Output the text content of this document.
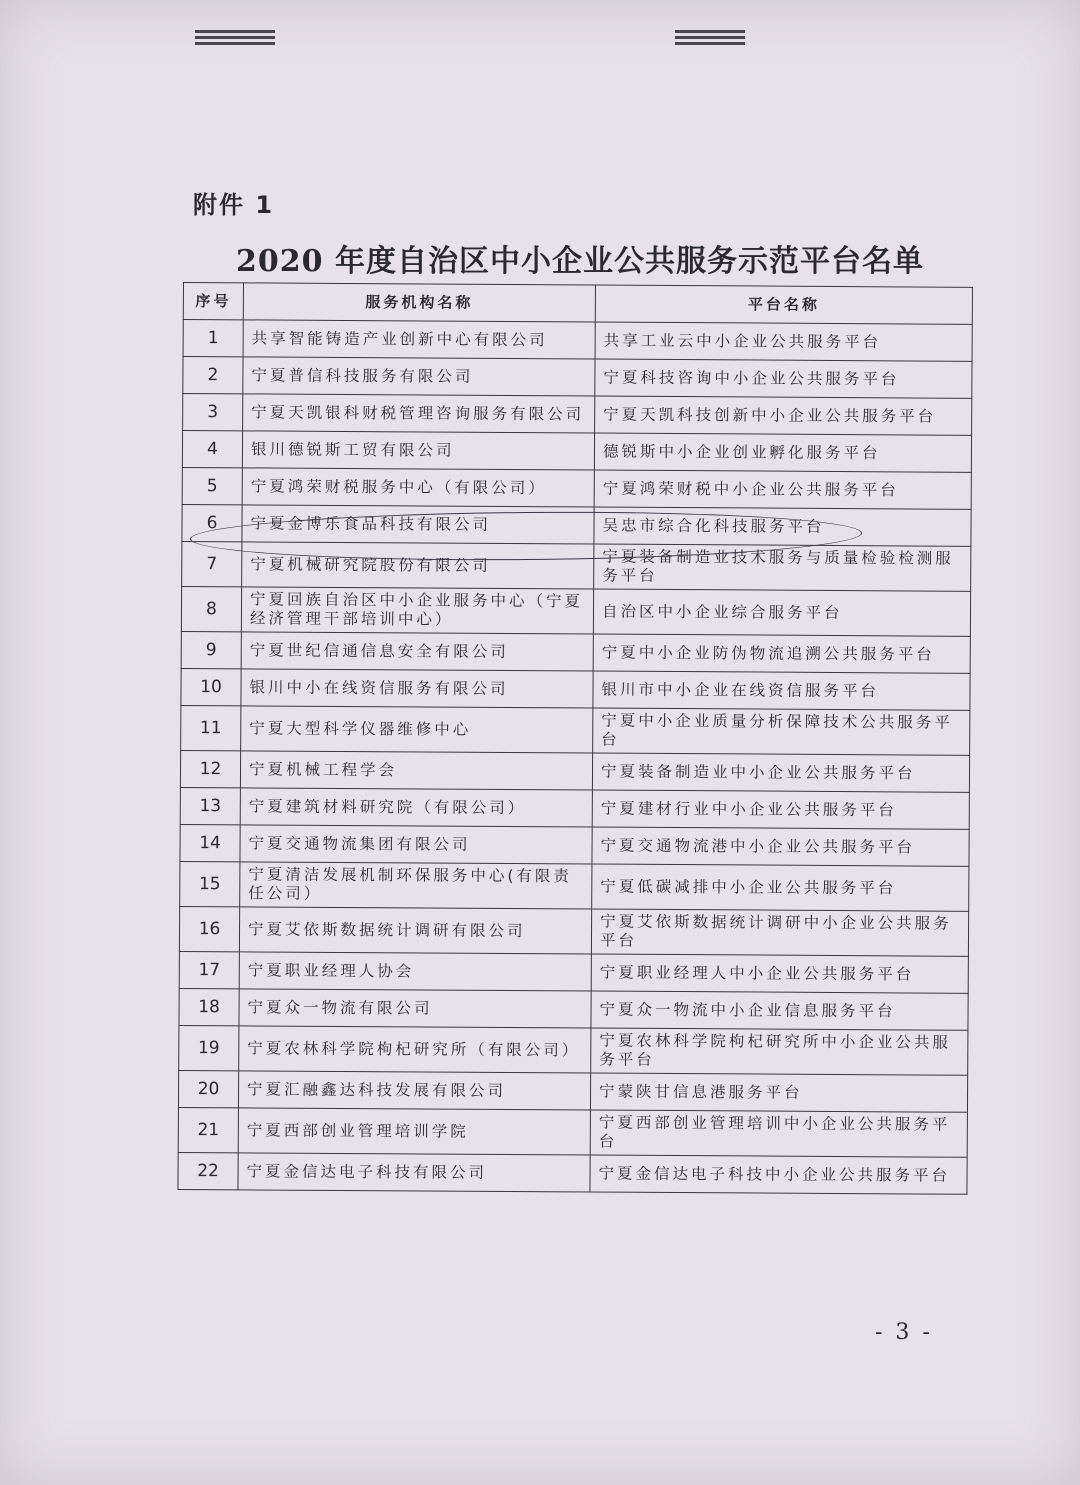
附件 1
2020 年度自治区中小企业公共服务示范平台名单
序号	服务机构名称	平台名称
1	共享智能铸造产业创新中心有限公司	共享工业云中小企业公共服务平台
2	宁夏普信科技服务有限公司	宁夏科技咨询中小企业公共服务平台
3	宁夏天凯银科财税管理咨询服务有限公司	宁夏天凯科技创新中小企业公共服务平台
4	银川德锐斯工贸有限公司	德锐斯中小企业创业孵化服务平台
5	宁夏鸿荣财税服务中心（有限公司）	宁夏鸿荣财税中小企业公共服务平台
6	宁夏金博乐食品科技有限公司	吴忠市综合化科技服务平台
7	宁夏机械研究院股份有限公司	宁夏装备制造业技术服务与质量检验检测服务平台
8	宁夏回族自治区中小企业服务中心（宁夏经济管理干部培训中心）	自治区中小企业综合服务平台
9	宁夏世纪信通信息安全有限公司	宁夏中小企业防伪物流追溯公共服务平台
10	银川中小在线资信服务有限公司	银川市中小企业在线资信服务平台
11	宁夏大型科学仪器维修中心	宁夏中小企业质量分析保障技术公共服务平台
12	宁夏机械工程学会	宁夏装备制造业中小企业公共服务平台
13	宁夏建筑材料研究院（有限公司）	宁夏建材行业中小企业公共服务平台
14	宁夏交通物流集团有限公司	宁夏交通物流港中小企业公共服务平台
15	宁夏清洁发展机制环保服务中心(有限责任公司）	宁夏低碳减排中小企业公共服务平台
16	宁夏艾依斯数据统计调研有限公司	宁夏艾依斯数据统计调研中小企业公共服务平台
17	宁夏职业经理人协会	宁夏职业经理人中小企业公共服务平台
18	宁夏众一物流有限公司	宁夏众一物流中小企业信息服务平台
19	宁夏农林科学院枸杞研究所（有限公司）	宁夏农林科学院枸杞研究所中小企业公共服务平台
20	宁夏汇融鑫达科技发展有限公司	宁蒙陕甘信息港服务平台
21	宁夏西部创业管理培训学院	宁夏西部创业管理培训中小企业公共服务平台
22	宁夏金信达电子科技有限公司	宁夏金信达电子科技中小企业公共服务平台
- 3 -
